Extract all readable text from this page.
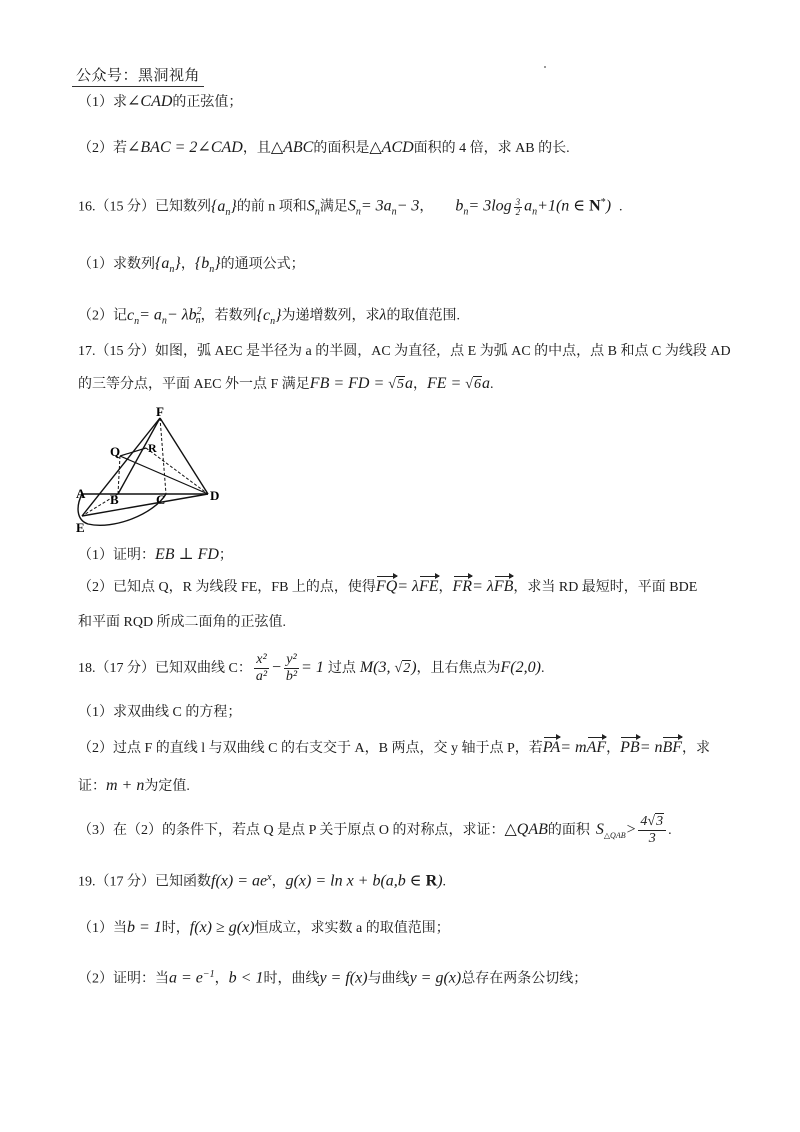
公众号：黑洞视角
（1）求∠CAD的正弦值；
（2）若∠BAC = 2∠CAD，且△ABC的面积是△ACD面积的 4 倍，求 AB 的长.
16.（15 分）已知数列$\{a_n\}$的前 n 项和$S_n$满足$S_n= 3a_n- 3$， $b_n= 3\log \frac{3}{2} a_n+1(n$ ∈ N*) .
（1）求数列$\{a_n\}$，$\{b_n\}$的通项公式；
（2）记$c_n= a_n- \lambda b^2_n$，若数列$\{c_n\}$为递增数列，求λ的取值范围.
17.（15 分）如图，弧 AEC 是半径为 a 的半圆，AC 为直径，点 E 为弧 AC 的中点，点 B 和点 C 为线段 AD
的三等分点，平面 AEC 外一点 F 满足FB = FD = √5a，FE = √6a.
F
Q R
A B	C	D
E
（1）证明：EB ⊥ FD；
（2）已知点 Q，R 为线段 FE，FB 上的点，使得FQ= λFE，FR= λFB，求当 RD 最短时，平面 BDE
和平面 RQD 所成二面角的正弦值.
18.（17 分）已知双曲线 C： $\frac{\text{x²}}{\text{a²}} - \frac{\text{y²}}{\text{b²}} = 1$ 过点 M(3, √2)，且右焦点为F(2,0).
（1）求双曲线 C 的方程；
（2）过点 F 的直线 l 与双曲线 C 的右支交于 A，B 两点，交 y 轴于点 P，若PA= mAF，PB= nBF，求
证：m + n为定值.
（3）在（2）的条件下，若点 Q 是点 P 关于原点 O 的对称点，求证：△QAB的面积 $S_{\triangle QAB}> \frac{4√3}{3}$ .
19.（17 分）已知函数$f(x) = ae^x$，g(x) = ln x + b(a,b ∈ R).
（1）当b = 1时，f(x) ≥ g(x)恒成立，求实数 a 的取值范围；
（2）证明：当$a = e^{-1}$，b < 1时，曲线y = f(x)与曲线y = g(x)总存在两条公切线；
